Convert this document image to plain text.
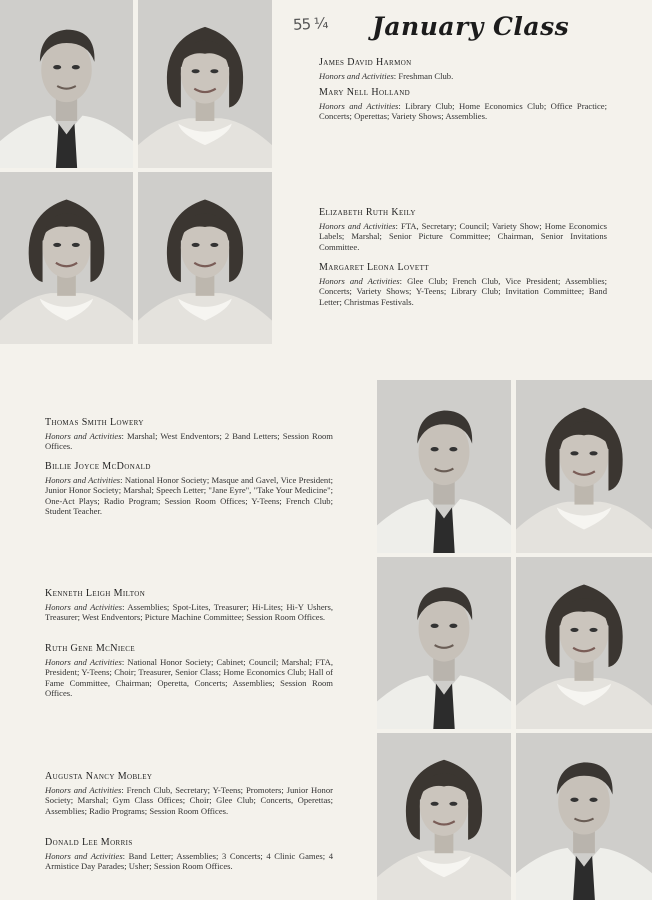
55 ¼ January Class
James David Harmon
Honors and Activities: Freshman Club.
Mary Nell Holland
Honors and Activities: Library Club; Home Economics Club; Office Practice; Concerts; Operettas; Variety Shows; Assemblies.
Elizabeth Ruth Keily
Honors and Activities: FTA, Secretary; Council; Variety Show; Home Economics Labels; Marshal; Senior Picture Committee; Chairman, Senior Invitations Committee.
Margaret Leona Lovett
Honors and Activities: Glee Club; French Club, Vice President; Assemblies; Concerts; Variety Shows; Y-Teens; Library Club; Invitation Committee; Band Letter; Christmas Festivals.
Thomas Smith Lowery
Honors and Activities: Marshal; West Endventors; 2 Band Letters; Session Room Offices.
Billie Joyce McDonald
Honors and Activities: National Honor Society; Masque and Gavel, Vice President; Junior Honor Society; Marshal; Speech Letter; "Jane Eyre", "Take Your Medicine"; One-Act Plays; Radio Program; Session Room Offices; Y-Teens; French Club; Student Teacher.
Kenneth Leigh Milton
Honors and Activities: Assemblies; Spot-Lites, Treasurer; Hi-Lites; Hi-Y Ushers, Treasurer; West Endventors; Picture Machine Committee; Session Room Offices.
Ruth Gene McNiece
Honors and Activities: National Honor Society; Cabinet; Council; Marshal; FTA, President; Y-Teens; Choir; Treasurer, Senior Class; Home Economics Club; Hall of Fame Committee, Chairman; Operetta, Concerts; Assemblies; Session Room Offices.
Augusta Nancy Mobley
Honors and Activities: French Club, Secretary; Y-Teens; Promoters; Junior Honor Society; Marshal; Gym Class Offices; Choir; Glee Club; Concerts, Operettas; Assemblies; Radio Programs; Session Room Offices.
Donald Lee Morris
Honors and Activities: Band Letter; Assemblies; 3 Concerts; 4 Clinic Games; 4 Armistice Day Parades; Usher; Session Room Offices.
